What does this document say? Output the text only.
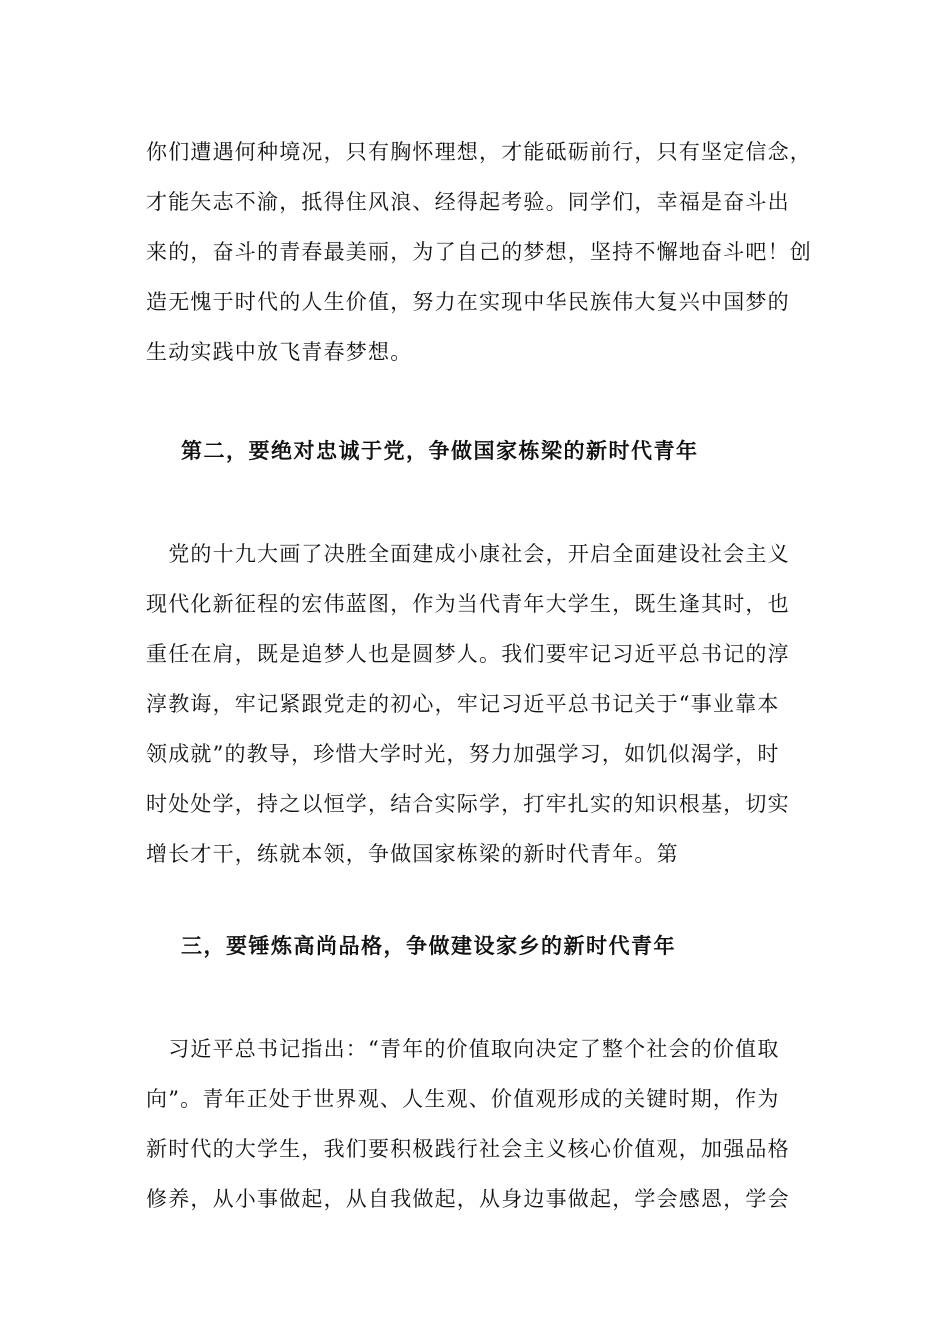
你们遭遇何种境况，只有胸怀理想，才能砥砺前行，只有坚定信念，
才能矢志不渝，抵得住风浪、经得起考验。同学们，幸福是奋斗出
来的，奋斗的青春最美丽，为了自己的梦想，坚持不懈地奋斗吧！创
造无愧于时代的人生价值，努力在实现中华民族伟大复兴中国梦的
生动实践中放飞青春梦想。
第二，要绝对忠诚于党，争做国家栋梁的新时代青年
　党的十九大画了决胜全面建成小康社会，开启全面建设社会主义
现代化新征程的宏伟蓝图，作为当代青年大学生，既生逢其时，也
重任在肩，既是追梦人也是圆梦人。我们要牢记习近平总书记的淳
淳教诲，牢记紧跟党走的初心，牢记习近平总书记关于“事业靠本
领成就”的教导，珍惜大学时光，努力加强学习，如饥似渴学，时
时处处学，持之以恒学，结合实际学，打牢扎实的知识根基，切实
增长才干，练就本领，争做国家栋梁的新时代青年。第
三，要锤炼高尚品格，争做建设家乡的新时代青年
　习近平总书记指出：“青年的价值取向决定了整个社会的价值取
向”。青年正处于世界观、人生观、价值观形成的关键时期，作为
新时代的大学生，我们要积极践行社会主义核心价值观，加强品格
修养，从小事做起，从自我做起，从身边事做起，学会感恩，学会
